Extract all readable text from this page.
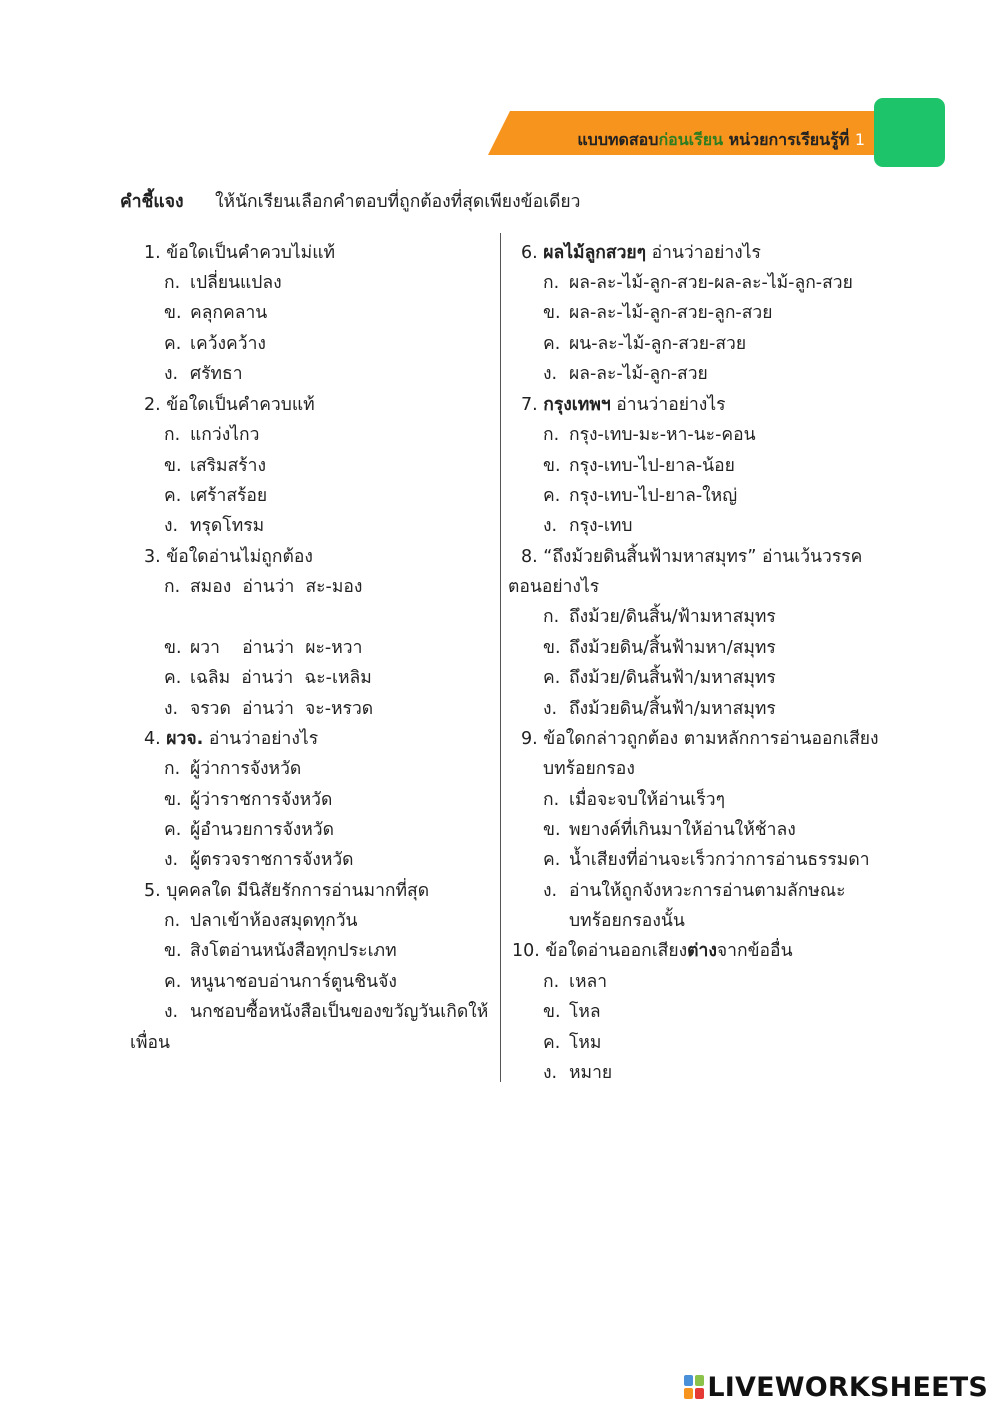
แบบทดสอบก่อนเรียน หน่วยการเรียนรู้ที่ 1
คำชี้แจง ให้นักเรียนเลือกคำตอบที่ถูกต้องที่สุดเพียงข้อเดียว
1. ข้อใดเป็นคำควบไม่แท้
ก. เปลี่ยนแปลง
ข. คลุกคลาน
ค. เคว้งคว้าง
ง. ศรัทธา
2. ข้อใดเป็นคำควบแท้
ก. แกว่งไกว
ข. เสริมสร้าง
ค. เศร้าสร้อย
ง. ทรุดโทรม
3. ข้อใดอ่านไม่ถูกต้อง
ก. สมอง  อ่านว่า  สะ-มอง
ข. ผวา    อ่านว่า  ผะ-หวา
ค. เฉลิม  อ่านว่า  ฉะ-เหลิม
ง. จรวด  อ่านว่า  จะ-หรวด
4. ผวจ. อ่านว่าอย่างไร
ก. ผู้ว่าการจังหวัด
ข. ผู้ว่าราชการจังหวัด
ค. ผู้อำนวยการจังหวัด
ง. ผู้ตรวจราชการจังหวัด
5. บุคคลใด มีนิสัยรักการอ่านมากที่สุด
ก. ปลาเข้าห้องสมุดทุกวัน
ข. สิงโตอ่านหนังสือทุกประเภท
ค. หนูนาชอบอ่านการ์ตูนชินจัง
ง. นกชอบซื้อหนังสือเป็นของขวัญวันเกิดให้
เพื่อน
6. ผลไม้ลูกสวยๆ อ่านว่าอย่างไร
ก. ผล-ละ-ไม้-ลูก-สวย-ผล-ละ-ไม้-ลูก-สวย
ข. ผล-ละ-ไม้-ลูก-สวย-ลูก-สวย
ค. ผน-ละ-ไม้-ลูก-สวย-สวย
ง. ผล-ละ-ไม้-ลูก-สวย
7. กรุงเทพฯ อ่านว่าอย่างไร
ก. กรุง-เทบ-มะ-หา-นะ-คอน
ข. กรุง-เทบ-ไป-ยาล-น้อย
ค. กรุง-เทบ-ไป-ยาล-ใหญ่
ง. กรุง-เทบ
8. “ถึงม้วยดินสิ้นฟ้ามหาสมุทร” อ่านเว้นวรรค
ตอนอย่างไร
ก. ถึงม้วย/ดินสิ้น/ฟ้ามหาสมุทร
ข. ถึงม้วยดิน/สิ้นฟ้ามหา/สมุทร
ค. ถึงม้วย/ดินสิ้นฟ้า/มหาสมุทร
ง. ถึงม้วยดิน/สิ้นฟ้า/มหาสมุทร
9. ข้อใดกล่าวถูกต้อง ตามหลักการอ่านออกเสียง
บทร้อยกรอง
ก. เมื่อจะจบให้อ่านเร็วๆ
ข. พยางค์ที่เกินมาให้อ่านให้ช้าลง
ค. น้ำเสียงที่อ่านจะเร็วกว่าการอ่านธรรมดา
ง. อ่านให้ถูกจังหวะการอ่านตามลักษณะ
บทร้อยกรองนั้น
10. ข้อใดอ่านออกเสียงต่างจากข้ออื่น
ก. เหลา
ข. โหล
ค. โหม
ง. หมาย
LIVEWORKSHEETS
